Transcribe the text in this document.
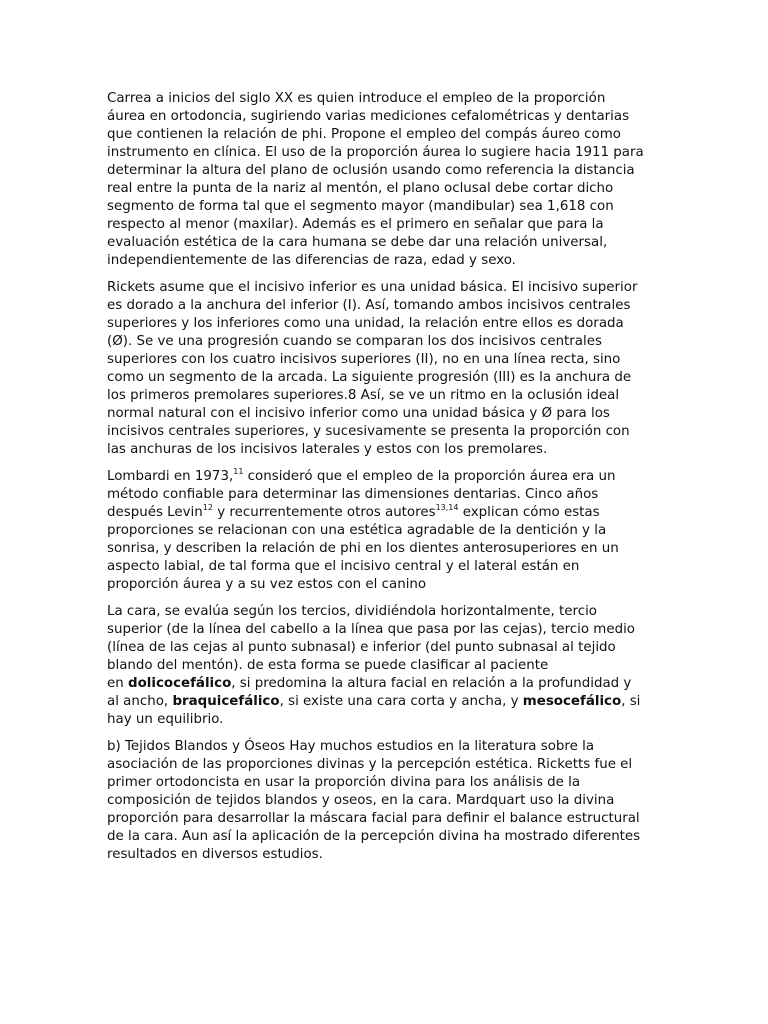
Carrea a inicios del siglo XX es quien introduce el empleo de la proporción
áurea en ortodoncia, sugiriendo varias mediciones cefalométricas y dentarias
que contienen la relación de phi. Propone el empleo del compás áureo como
instrumento en clínica. El uso de la proporción áurea lo sugiere hacia 1911 para
determinar la altura del plano de oclusión usando como referencia la distancia
real entre la punta de la nariz al mentón, el plano oclusal debe cortar dicho
segmento de forma tal que el segmento mayor (mandibular) sea 1,618 con
respecto al menor (maxilar). Además es el primero en señalar que para la
evaluación estética de la cara humana se debe dar una relación universal,
independientemente de las diferencias de raza, edad y sexo.

Rickets asume que el incisivo inferior es una unidad básica. El incisivo superior
es dorado a la anchura del inferior (I). Así, tomando ambos incisivos centrales
superiores y los inferiores como una unidad, la relación entre ellos es dorada
(Ø). Se ve una progresión cuando se comparan los dos incisivos centrales
superiores con los cuatro incisivos superiores (II), no en una línea recta, sino
como un segmento de la arcada. La siguiente progresión (III) es la anchura de
los primeros premolares superiores.8 Así, se ve un ritmo en la oclusión ideal
normal natural con el incisivo inferior como una unidad básica y Ø para los
incisivos centrales superiores, y sucesivamente se presenta la proporción con
las anchuras de los incisivos laterales y estos con los premolares.

Lombardi en 1973,11 consideró que el empleo de la proporción áurea era un
método confiable para determinar las dimensiones dentarias. Cinco años
después Levin$^{12}$ y recurrentemente otros autores$^{13,14}$ explican cómo estas
proporciones se relacionan con una estética agradable de la dentición y la
sonrisa, y describen la relación de phi en los dientes anterosuperiores en un
aspecto labial, de tal forma que el incisivo central y el lateral están en
proporción áurea y a su vez estos con el canino

La cara, se evalúa según los tercios, dividiéndola horizontalmente, tercio
superior (de la línea del cabello a la línea que pasa por las cejas), tercio medio
(línea de las cejas al punto subnasal) e inferior (del punto subnasal al tejido
blando del mentón). de esta forma se puede clasificar al paciente
en dolicocefálico, si predomina la altura facial en relación a la profundidad y
al ancho, braquicefálico, si existe una cara corta y ancha, y mesocefálico, si
hay un equilibrio.

b) Tejidos Blandos y Óseos Hay muchos estudios en la literatura sobre la
asociación de las proporciones divinas y la percepción estética. Ricketts fue el
primer ortodoncista en usar la proporción divina para los análisis de la
composición de tejidos blandos y oseos, en la cara. Mardquart uso la divina
proporción para desarrollar la máscara facial para definir el balance estructural
de la cara. Aun así la aplicación de la percepción divina ha mostrado diferentes
resultados en diversos estudios.
